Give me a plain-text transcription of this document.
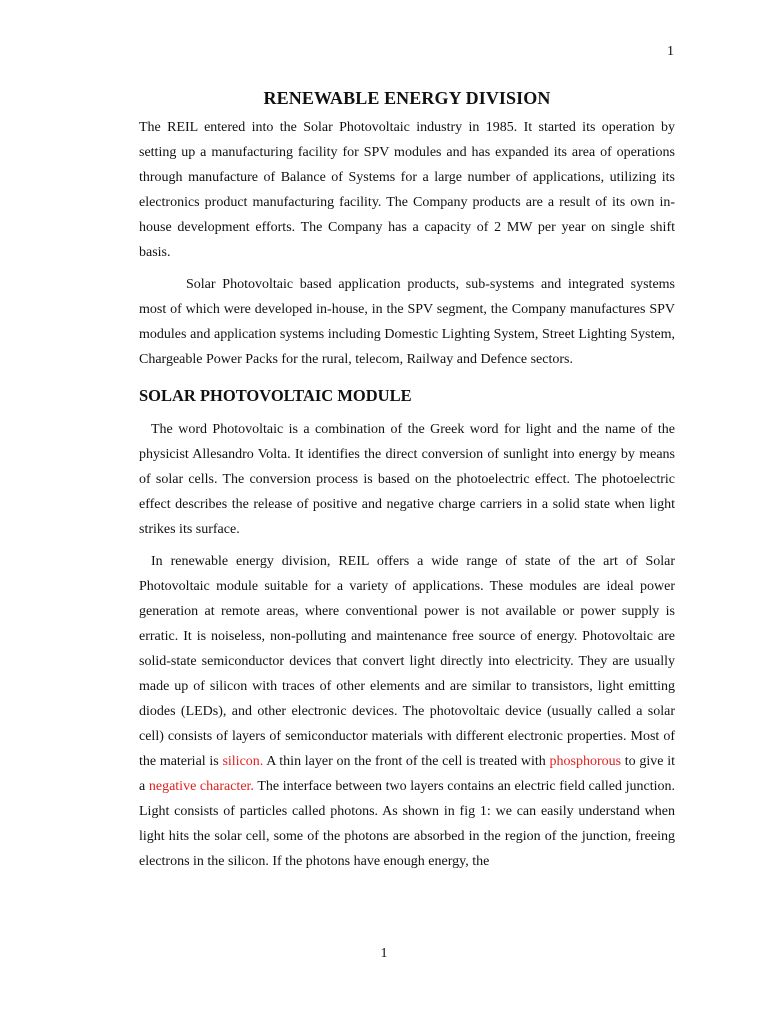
1
RENEWABLE ENERGY DIVISION

The REIL entered into the Solar Photovoltaic industry in 1985. It started its operation by setting up a manufacturing facility for SPV modules and has expanded its area of operations through manufacture of Balance of Systems for a large number of applications, utilizing its electronics product manufacturing facility. The Company products are a result of its own in-house development efforts. The Company has a capacity of 2 MW per year on single shift basis.

Solar Photovoltaic based application products, sub-systems and integrated systems most of which were developed in-house, in the SPV segment, the Company manufactures SPV modules and application systems including Domestic Lighting System, Street Lighting System, Chargeable Power Packs for the rural, telecom, Railway and Defence sectors.

SOLAR PHOTOVOLTAIC MODULE

The word Photovoltaic is a combination of the Greek word for light and the name of the physicist Allesandro Volta. It identifies the direct conversion of sunlight into energy by means of solar cells. The conversion process is based on the photoelectric effect. The photoelectric effect describes the release of positive and negative charge carriers in a solid state when light strikes its surface.

In renewable energy division, REIL offers a wide range of state of the art of Solar Photovoltaic module suitable for a variety of applications. These modules are ideal power generation at remote areas, where conventional power is not available or power supply is erratic. It is noiseless, non-polluting and maintenance free source of energy. Photovoltaic are solid-state semiconductor devices that convert light directly into electricity. They are usually made up of silicon with traces of other elements and are similar to transistors, light emitting diodes (LEDs), and other electronic devices. The photovoltaic device (usually called a solar cell) consists of layers of semiconductor materials with different electronic properties. Most of the material is silicon. A thin layer on the front of the cell is treated with phosphorous to give it a negative character. The interface between two layers contains an electric field called junction. Light consists of particles called photons. As shown in fig 1: we can easily understand when light hits the solar cell, some of the photons are absorbed in the region of the junction, freeing electrons in the silicon. If the photons have enough energy, the

1
